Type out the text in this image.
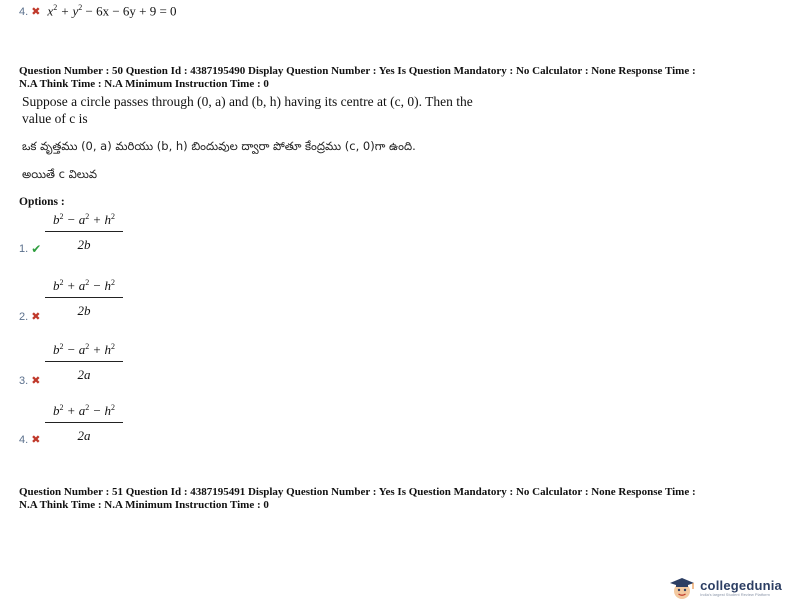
4. ✖ $x^2 + y^2 - 6x - 6y + 9 = 0$
Question Number : 50 Question Id : 4387195490 Display Question Number : Yes Is Question Mandatory : No Calculator : None Response Time :
N.A Think Time : N.A Minimum Instruction Time : 0
Suppose a circle passes through (0, a) and (b, h) having its centre at (c, 0). Then the
value of c is
ఒక వృత్తము (0, a) మరియు (b, h) బిందువుల ద్వారా పోతూ కేంద్రము (c, 0)గా ఉంది.
అయితే c విలువ
Options :
1. ✔
$b^2 - a^2 + h^2$
2b
2. ✖
$b^2 + a^2 - h^2$
2b
3. ✖
$b^2 - a^2 + h^2$
2a
4. ✖
$b^2 + a^2 - h^2$
2a
Question Number : 51 Question Id : 4387195491 Display Question Number : Yes Is Question Mandatory : No Calculator : None Response Time :
N.A Think Time : N.A Minimum Instruction Time : 0
collegedunia
India's largest Student Review Platform
